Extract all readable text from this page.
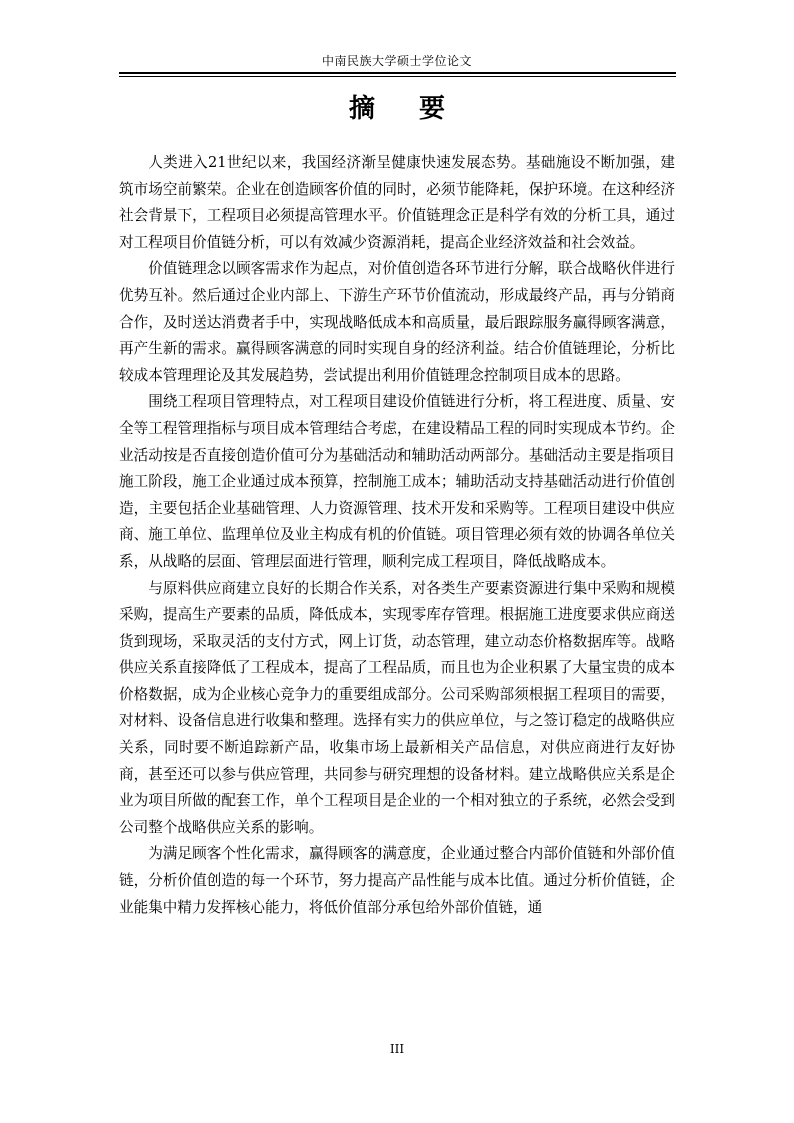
中南民族大学硕士学位论文
摘要

人类进入21世纪以来，我国经济渐呈健康快速发展态势。基础施设不断加强，建筑市场空前繁荣。企业在创造顾客价值的同时，必须节能降耗，保护环境。在这种经济社会背景下，工程项目必须提高管理水平。价值链理念正是科学有效的分析工具，通过对工程项目价值链分析，可以有效减少资源消耗，提高企业经济效益和社会效益。

价值链理念以顾客需求作为起点，对价值创造各环节进行分解，联合战略伙伴进行优势互补。然后通过企业内部上、下游生产环节价值流动，形成最终产品，再与分销商合作，及时送达消费者手中，实现战略低成本和高质量，最后跟踪服务赢得顾客满意，再产生新的需求。赢得顾客满意的同时实现自身的经济利益。结合价值链理论，分析比较成本管理理论及其发展趋势，尝试提出利用价值链理念控制项目成本的思路。

围绕工程项目管理特点，对工程项目建设价值链进行分析，将工程进度、质量、安全等工程管理指标与项目成本管理结合考虑，在建设精品工程的同时实现成本节约。企业活动按是否直接创造价值可分为基础活动和辅助活动两部分。基础活动主要是指项目施工阶段，施工企业通过成本预算，控制施工成本；辅助活动支持基础活动进行价值创造，主要包括企业基础管理、人力资源管理、技术开发和采购等。工程项目建设中供应商、施工单位、监理单位及业主构成有机的价值链。项目管理必须有效的协调各单位关系，从战略的层面、管理层面进行管理，顺利完成工程项目，降低战略成本。

与原料供应商建立良好的长期合作关系，对各类生产要素资源进行集中采购和规模采购，提高生产要素的品质，降低成本，实现零库存管理。根据施工进度要求供应商送货到现场，采取灵活的支付方式，网上订货，动态管理，建立动态价格数据库等。战略供应关系直接降低了工程成本，提高了工程品质，而且也为企业积累了大量宝贵的成本价格数据，成为企业核心竞争力的重要组成部分。公司采购部须根据工程项目的需要，对材料、设备信息进行收集和整理。选择有实力的供应单位，与之签订稳定的战略供应关系，同时要不断追踪新产品，收集市场上最新相关产品信息，对供应商进行友好协商，甚至还可以参与供应管理，共同参与研究理想的设备材料。建立战略供应关系是企业为项目所做的配套工作，单个工程项目是企业的一个相对独立的子系统，必然会受到公司整个战略供应关系的影响。

为满足顾客个性化需求，赢得顾客的满意度，企业通过整合内部价值链和外部价值链，分析价值创造的每一个环节，努力提高产品性能与成本比值。通过分析价值链，企业能集中精力发挥核心能力，将低价值部分承包给外部价值链，通

III
